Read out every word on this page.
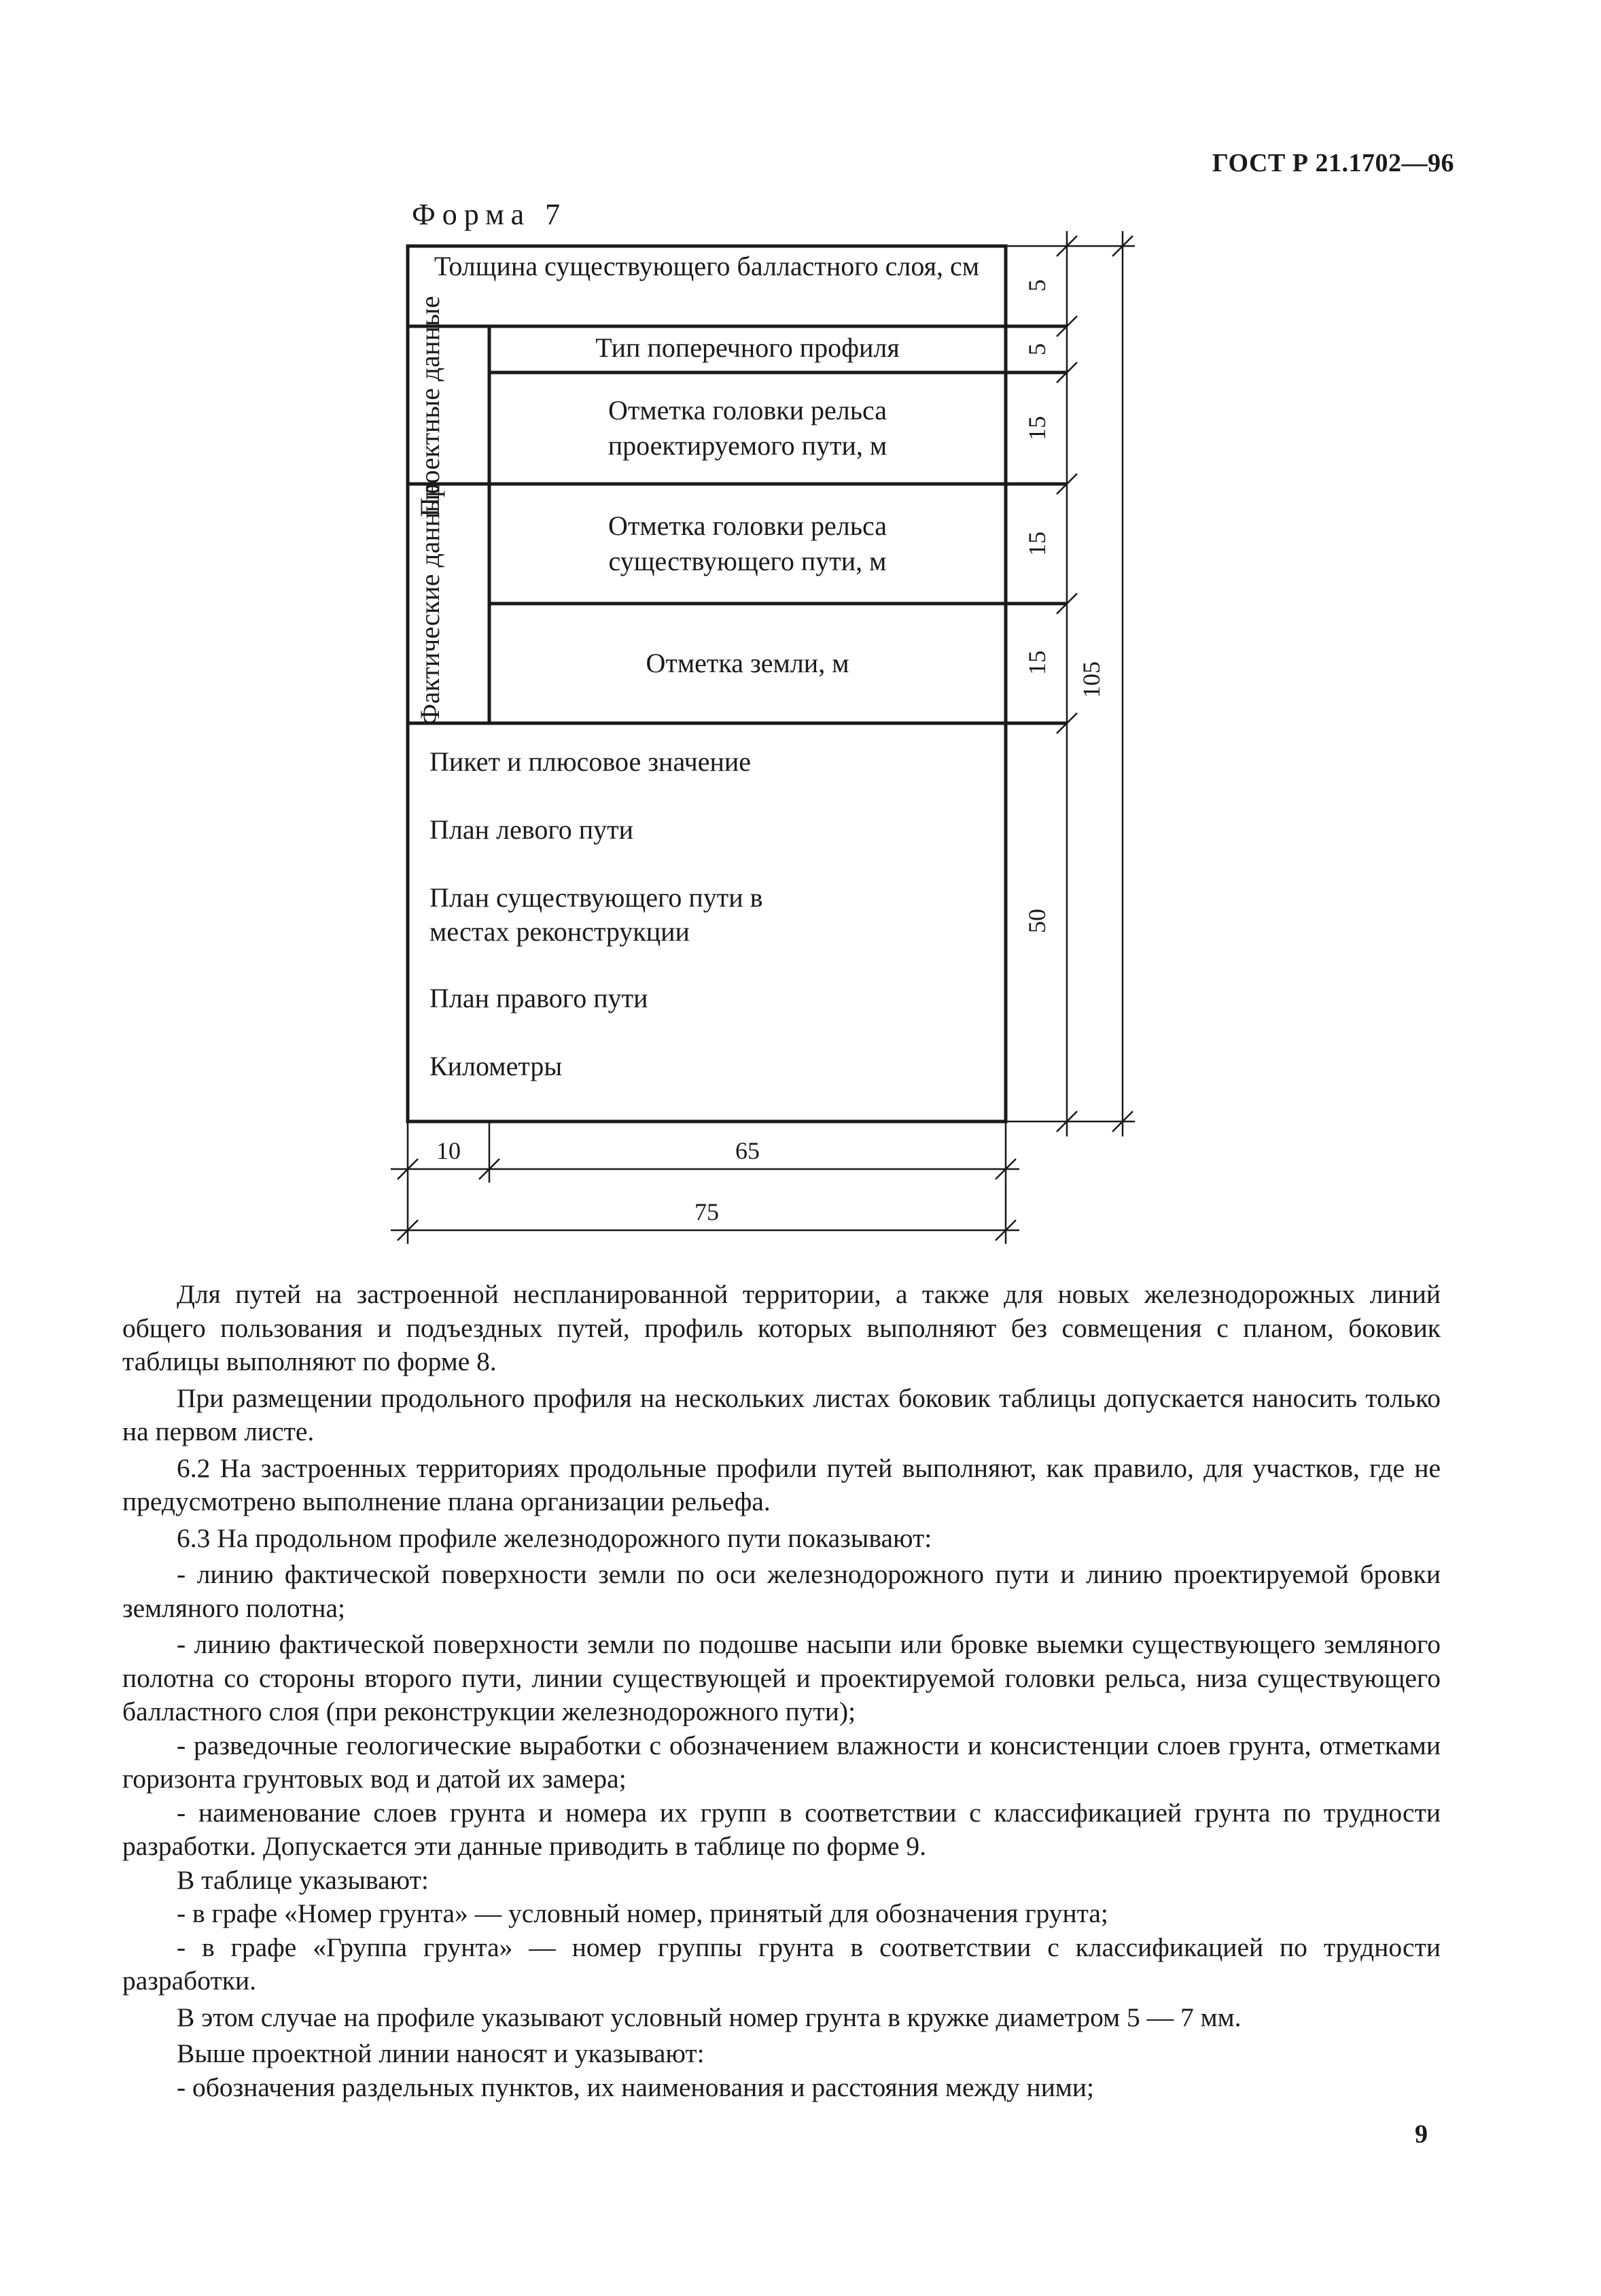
ГОСТ Р 21.1702—96
Форма 7
Толщина существующего балластного слоя, см
Тип поперечного профиля
Отметка головки рельса проектируемого пути, м
Отметка головки рельса существующего пути, м
Отметка земли, м
Проектные данные
Фактические данные
Пикет и плюсовое значение
План левого пути
План существующего пути в местах реконструкции
План правого пути
Километры
5
5
15
15
15
50
105
10	65
75

Для путей на застроенной неспланированной территории, а также для новых железнодорожных линий общего пользования и подъездных путей, профиль которых выполняют без совмещения с планом, боковик таблицы выполняют по форме 8.

При размещении продольного профиля на нескольких листах боковик таблицы допускается наносить только на первом листе.

6.2 На застроенных территориях продольные профили путей выполняют, как правило, для участков, где не предусмотрено выполнение плана организации рельефа.

6.3 На продольном профиле железнодорожного пути показывают:

- линию фактической поверхности земли по оси железнодорожного пути и линию проектируемой бровки земляного полотна;

- линию фактической поверхности земли по подошве насыпи или бровке выемки существующего земляного полотна со стороны второго пути, линии существующей и проектируемой головки рельса, низа существующего балластного слоя (при реконструкции железнодорожного пути);

- разведочные геологические выработки с обозначением влажности и консистенции слоев грунта, отметками горизонта грунтовых вод и датой их замера;

- наименование слоев грунта и номера их групп в соответствии с классификацией грунта по трудности разработки. Допускается эти данные приводить в таблице по форме 9.

В таблице указывают:

- в графе «Номер грунта» — условный номер, принятый для обозначения грунта;

- в графе «Группа грунта» — номер группы грунта в соответствии с классификацией по трудности разработки.

В этом случае на профиле указывают условный номер грунта в кружке диаметром 5 — 7 мм.

Выше проектной линии наносят и указывают:

- обозначения раздельных пунктов, их наименования и расстояния между ними;

9
